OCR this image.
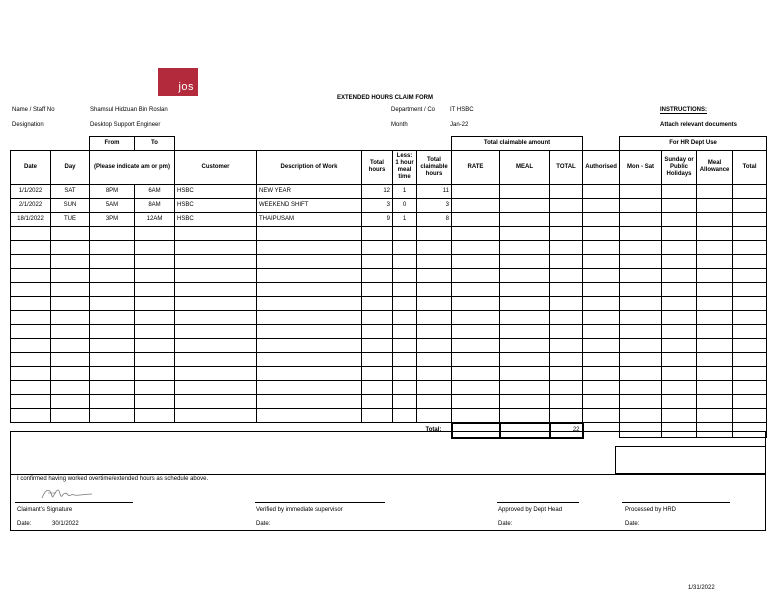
jos
EXTENDED HOURS CLAIM FORM
Name / Staff No	Shamsul Hidzuan Bin Roslan
Designation	Desktop Support Engineer
Department / Co IT HSBC
Month	Jan-22
INSTRUCTIONS:
Attach relevant documents
		From	To						Total claimable amount				For HR Dept Use			
Date	Day	(Please indicate am or pm)		Customer	Description of Work	Total hours	Less: 1 hour meal time	Total claimable hours	RATE	MEAL	TOTAL	Authorised	Mon - Sat	Sunday or Public Holidays	Meal Allowance	Total
1/1/2022	SAT	8PM	6AM	HSBC	NEW YEAR	12	1	11								
2/1/2022	SUN	5AM	8AM	HSBC	WEEKEND SHIFT	3	0	3								
18/1/2022	TUE	3PM	12AM	HSBC	THAIPUSAM	9	1	8								

								Total:			22					
I confirmed having worked overtime/extended hours as schedule above.
Claimant's Signature	Verified by immediate supervisor	Approved by Dept Head	Processed by HRD
Date:	30/1/2022	Date:	Date:	Date:
1/31/2022
